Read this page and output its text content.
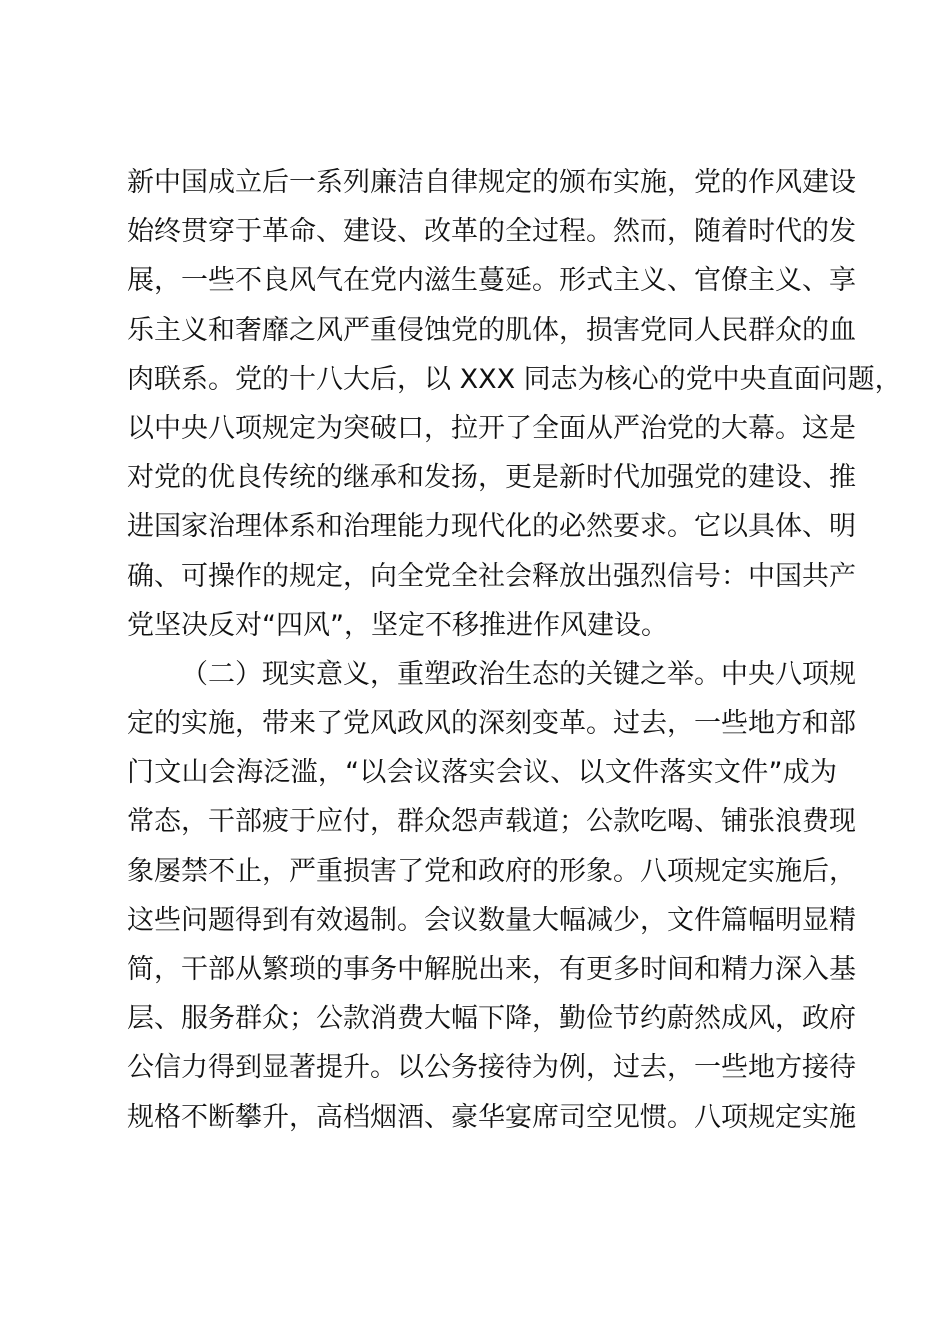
新中国成立后一系列廉洁自律规定的颁布实施，党的作风建设
始终贯穿于革命、建设、改革的全过程。然而，随着时代的发
展，一些不良风气在党内滋生蔓延。形式主义、官僚主义、享
乐主义和奢靡之风严重侵蚀党的肌体，损害党同人民群众的血
肉联系。党的十八大后，以 XXX 同志为核心的党中央直面问题，
以中央八项规定为突破口，拉开了全面从严治党的大幕。这是
对党的优良传统的继承和发扬，更是新时代加强党的建设、推
进国家治理体系和治理能力现代化的必然要求。它以具体、明
确、可操作的规定，向全党全社会释放出强烈信号：中国共产
党坚决反对“四风”，坚定不移推进作风建设。
（二）现实意义，重塑政治生态的关键之举。中央八项规
定的实施，带来了党风政风的深刻变革。过去，一些地方和部
门文山会海泛滥，“以会议落实会议、以文件落实文件”成为
常态，干部疲于应付，群众怨声载道；公款吃喝、铺张浪费现
象屡禁不止，严重损害了党和政府的形象。八项规定实施后，
这些问题得到有效遏制。会议数量大幅减少，文件篇幅明显精
简，干部从繁琐的事务中解脱出来，有更多时间和精力深入基
层、服务群众；公款消费大幅下降，勤俭节约蔚然成风，政府
公信力得到显著提升。以公务接待为例，过去，一些地方接待
规格不断攀升，高档烟酒、豪华宴席司空见惯。八项规定实施
